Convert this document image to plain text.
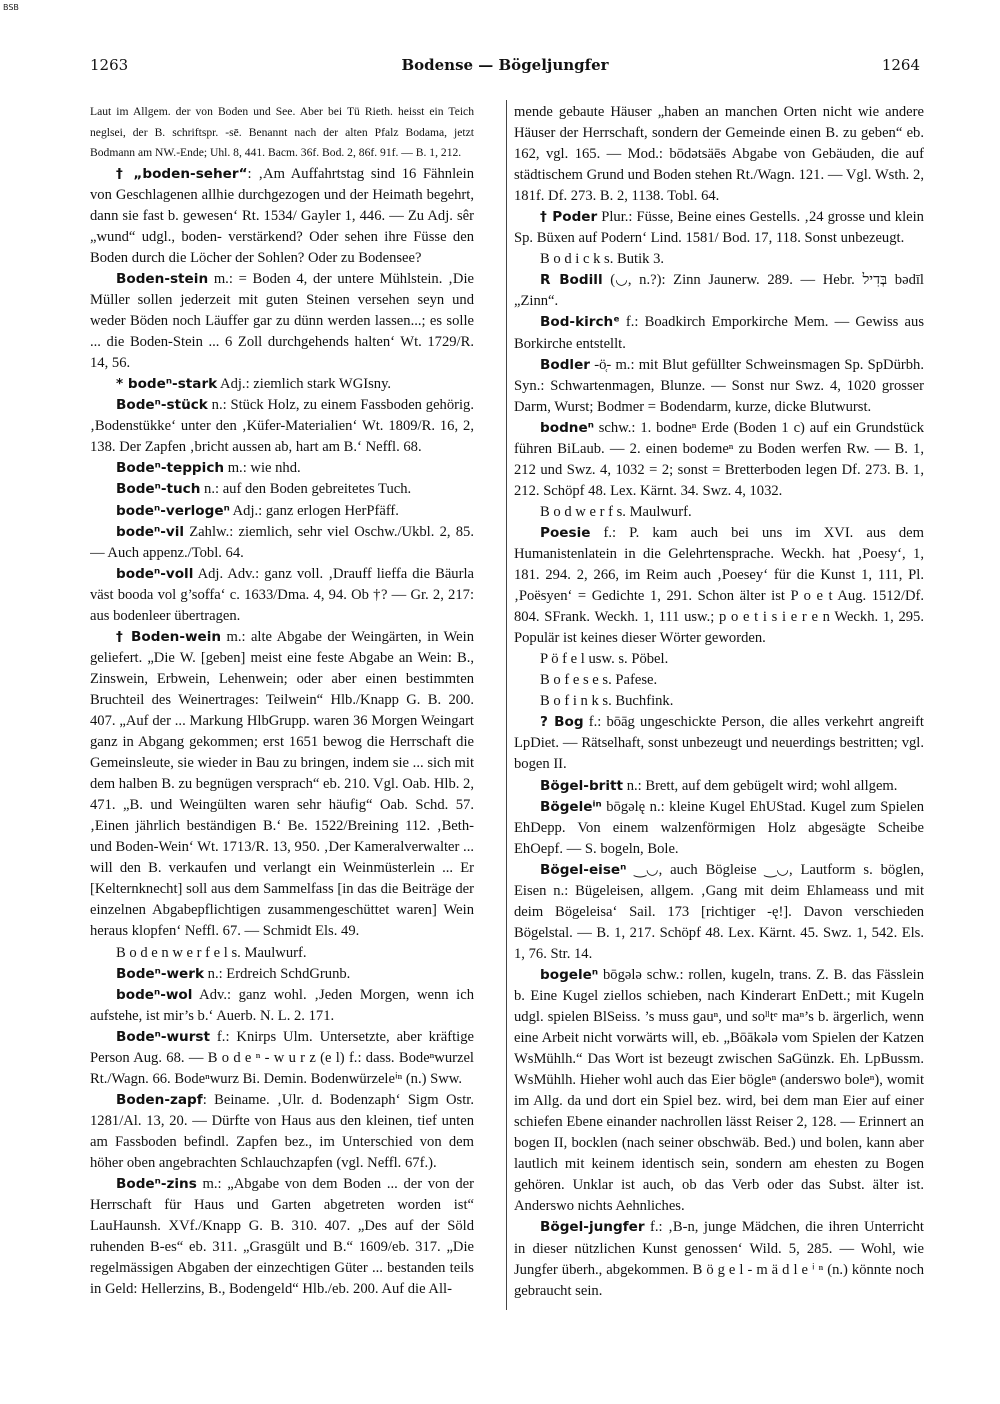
BSB
1263	Bodense — Bögeljungfer	1264

Laut im Allgem. der von Boden und See. Aber bei Tü Rieth. heisst ein Teich neglsei, der B. schriftspr. -sē. Benannt nach der alten Pfalz Bodama, jetzt Bodmann am NW.-Ende; Uhl. 8, 441. Bacm. 36f. Bod. 2, 86f. 91f. — B. 1, 212.

† „boden-seher“: ‚Am Auffahrtstag sind 16 Fähnlein von Geschlagenen allhie durchgezogen und der Heimath begehrt, dann sie fast b. gewesen‘ Rt. 1534/ Gayler 1, 446. — Zu Adj. sêr „wund“ udgl., boden- verstärkend? Oder sehen ihre Füsse den Boden durch die Löcher der Sohlen? Oder zu Bodensee?

Boden-stein m.: = Boden 4, der untere Mühlstein. ‚Die Müller sollen jederzeit mit guten Steinen versehen seyn und weder Böden noch Läuffer gar zu dünn werden lassen...; es solle ... die Boden-Stein ... 6 Zoll durchgehends halten‘ Wt. 1729/R. 14, 56.

* bodeⁿ-stark Adj.: ziemlich stark WGIsny.

Bodeⁿ-stück n.: Stück Holz, zu einem Fassboden gehörig. ‚Bodenstükke‘ unter den ‚Küfer-Materialien‘ Wt. 1809/R. 16, 2, 138. Der Zapfen ‚bricht aussen ab, hart am B.‘ Neffl. 68.

Bodeⁿ-teppich m.: wie nhd.

Bodeⁿ-tuch n.: auf den Boden gebreitetes Tuch.

bodeⁿ-verlogeⁿ Adj.: ganz erlogen HerPfäff.

bodeⁿ-vil Zahlw.: ziemlich, sehr viel Oschw./Ukbl. 2, 85. — Auch appenz./Tobl. 64.

bodeⁿ-voll Adj. Adv.: ganz voll. ‚Drauff lieffa die Bäurla väst booda vol g’soffa‘ c. 1633/Dma. 4, 94. Ob †? — Gr. 2, 217: aus bodenleer übertragen.

† Boden-wein m.: alte Abgabe der Weingärten, in Wein geliefert. „Die W. [geben] meist eine feste Abgabe an Wein: B., Zinswein, Erbwein, Lehenwein; oder aber einen bestimmten Bruchteil des Weinertrages: Teilwein“ Hlb./Knapp G. B. 200. 407. „Auf der ... Markung HlbGrupp. waren 36 Morgen Weingart ganz in Abgang gekommen; erst 1651 bewog die Herrschaft die Gemeinsleute, sie wieder in Bau zu bringen, indem sie ... sich mit dem halben B. zu begnügen versprach“ eb. 210. Vgl. Oab. Hlb. 2, 471. „B. und Weingülten waren sehr häufig“ Oab. Schd. 57. ‚Einen jährlich beständigen B.‘ Be. 1522/Breining 112. ‚Beth- und Boden-Wein‘ Wt. 1713/R. 13, 950. ‚Der Kameralverwalter ... will den B. verkaufen und verlangt ein Weinmüsterlein ... Er [Kelternknecht] soll aus dem Sammelfass [in das die Beiträge der einzelnen Abgabepflichtigen zusammengeschüttet waren] Wein heraus klopfen‘ Neffl. 67. — Schmidt Els. 49.

B o d e n w e r f e l s. Maulwurf.

Bodeⁿ-werk n.: Erdreich SchdGrunb.

bodeⁿ-wol Adv.: ganz wohl. ‚Jeden Morgen, wenn ich aufstehe, ist mir’s b.‘ Auerb. N. L. 2. 171.

Bodeⁿ-wurst f.: Knirps Ulm. Untersetzte, aber kräftige Person Aug. 68. — B o d e ⁿ - w u r z (e l) f.: dass. Bodeⁿwurzel Rt./Wagn. 66. Bodeⁿwurz Bi. Demin. Bodenwürzeleⁱⁿ (n.) Sww.

Boden-zapf: Beiname. ‚Ulr. d. Bodenzaph‘ Sigm Ostr. 1281/Al. 13, 20. — Dürfte von Haus aus den kleinen, tief unten am Fassboden befindl. Zapfen bez., im Unterschied von dem höher oben angebrachten Schlauchzapfen (vgl. Neffl. 67f.).

Bodeⁿ-zins m.: „Abgabe von dem Boden ... der von der Herrschaft für Haus und Garten abgetreten worden ist“ LauHaunsh. XVf./Knapp G. B. 310. 407. „Des auf der Söld ruhenden B-es“ eb. 311. „Grasgült und B.“ 1609/eb. 317. „Die regelmässigen Abgaben der einzechtigen Güter ... bestanden teils in Geld: Hellerzins, B., Bodengeld“ Hlb./eb. 200. Auf die All-

mende gebaute Häuser „haben an manchen Orten nicht wie andere Häuser der Herrschaft, sondern der Gemeinde einen B. zu geben“ eb. 162, vgl. 165. — Mod.: bōdətsäēs Abgabe von Gebäuden, die auf städtischem Grund und Boden stehen Rt./Wagn. 121. — Vgl. Wsth. 2, 181f. Df. 273. B. 2, 1138. Tobl. 64.

† Poder Plur.: Füsse, Beine eines Gestells. ‚24 grosse und klein Sp. Büxen auf Podern‘ Lind. 1581/ Bod. 17, 118. Sonst unbezeugt.

B o d i c k s. Butik 3.

R Bodill (◡, n.?): Zinn Jaunerw. 289. — Hebr. בְּדִיל bədīl „Zinn“.

Bod-kirchᵉ f.: Boadkirch Emporkirche Mem. — Gewiss aus Borkirche entstellt.

Bodler -ö̜- m.: mit Blut gefüllter Schweinsmagen Sp. SpDürbh. Syn.: Schwartenmagen, Blunze. — Sonst nur Swz. 4, 1020 grosser Darm, Wurst; Bodmer = Bodendarm, kurze, dicke Blutwurst.

bodneⁿ schw.: 1. bodneⁿ Erde (Boden 1 c) auf ein Grundstück führen BiLaub. — 2. einen bodemeⁿ zu Boden werfen Rw. — B. 1, 212 und Swz. 4, 1032 = 2; sonst = Bretterboden legen Df. 273. B. 1, 212. Schöpf 48. Lex. Kärnt. 34. Swz. 4, 1032.

B o d w e r f s. Maulwurf.

Poesie f.: P. kam auch bei uns im XVI. aus dem Humanistenlatein in die Gelehrtensprache. Weckh. hat ‚Poesy‘, 1, 181. 294. 2, 266, im Reim auch ‚Poesey‘ für die Kunst 1, 111, Pl. ‚Poësyen‘ = Gedichte 1, 291. Schon älter ist P o e t Aug. 1512/Df. 804. SFrank. Weckh. 1, 111 usw.; p o e t i s i e r e n Weckh. 1, 295. Populär ist keines dieser Wörter geworden.

P ö f e l usw. s. Pöbel.

B o f e s e s. Pafese.

B o f i n k s. Buchfink.

? Bog f.: bōāg ungeschickte Person, die alles verkehrt angreift LpDiet. — Rätselhaft, sonst unbezeugt und neuerdings bestritten; vgl. bogen II.

Bögel-britt n.: Brett, auf dem gebügelt wird; wohl allgem.

Bögeleⁱⁿ bōgəlę n.: kleine Kugel EhUStad. Kugel zum Spielen EhDepp. Von einem walzenförmigen Holz abgesägte Scheibe EhOepf. — S. bogeln, Bole.

Bögel-eiseⁿ ‿◡, auch Bögleise ‿◡, Lautform s. böglen, Eisen n.: Bügeleisen, allgem. ‚Gang mit deim Ehlameass und mit deim Bögeleisa‘ Sail. 173 [richtiger -ę!]. Davon verschieden Bögelstal. — B. 1, 217. Schöpf 48. Lex. Kärnt. 45. Swz. 1, 542. Els. 1, 76. Str. 14.

bogeleⁿ bōgələ schw.: rollen, kugeln, trans. Z. B. das Fässlein b. Eine Kugel ziellos schieben, nach Kinderart EnDett.; mit Kugeln udgl. spielen BlSeiss. ’s muss gauⁿ, und soˡˡtᵉ maⁿ’s b. ärgerlich, wenn eine Arbeit nicht vorwärts will, eb. „Bōākələ vom Spielen der Katzen WsMühlh.“ Das Wort ist bezeugt zwischen SaGünzk. Eh. LpBussm. WsMühlh. Hieher wohl auch das Eier bögleⁿ (anderswo boleⁿ), womit im Allg. da und dort ein Spiel bez. wird, bei dem man Eier auf einer schiefen Ebene einander nachrollen lässt Reiser 2, 128. — Erinnert an bogen II, bocklen (nach seiner obschwäb. Bed.) und bolen, kann aber lautlich mit keinem identisch sein, sondern am ehesten zu Bogen gehören. Unklar ist auch, ob das Verb oder das Subst. älter ist. Anderswo nichts Aehnliches.

Bögel-jungfer f.: ‚B-n, junge Mädchen, die ihren Unterricht in dieser nützlichen Kunst genossen‘ Wild. 5, 285. — Wohl, wie Jungfer überh., abgekommen. B ö g e l - m ä d l e ⁱ ⁿ (n.) könnte noch gebraucht sein.
